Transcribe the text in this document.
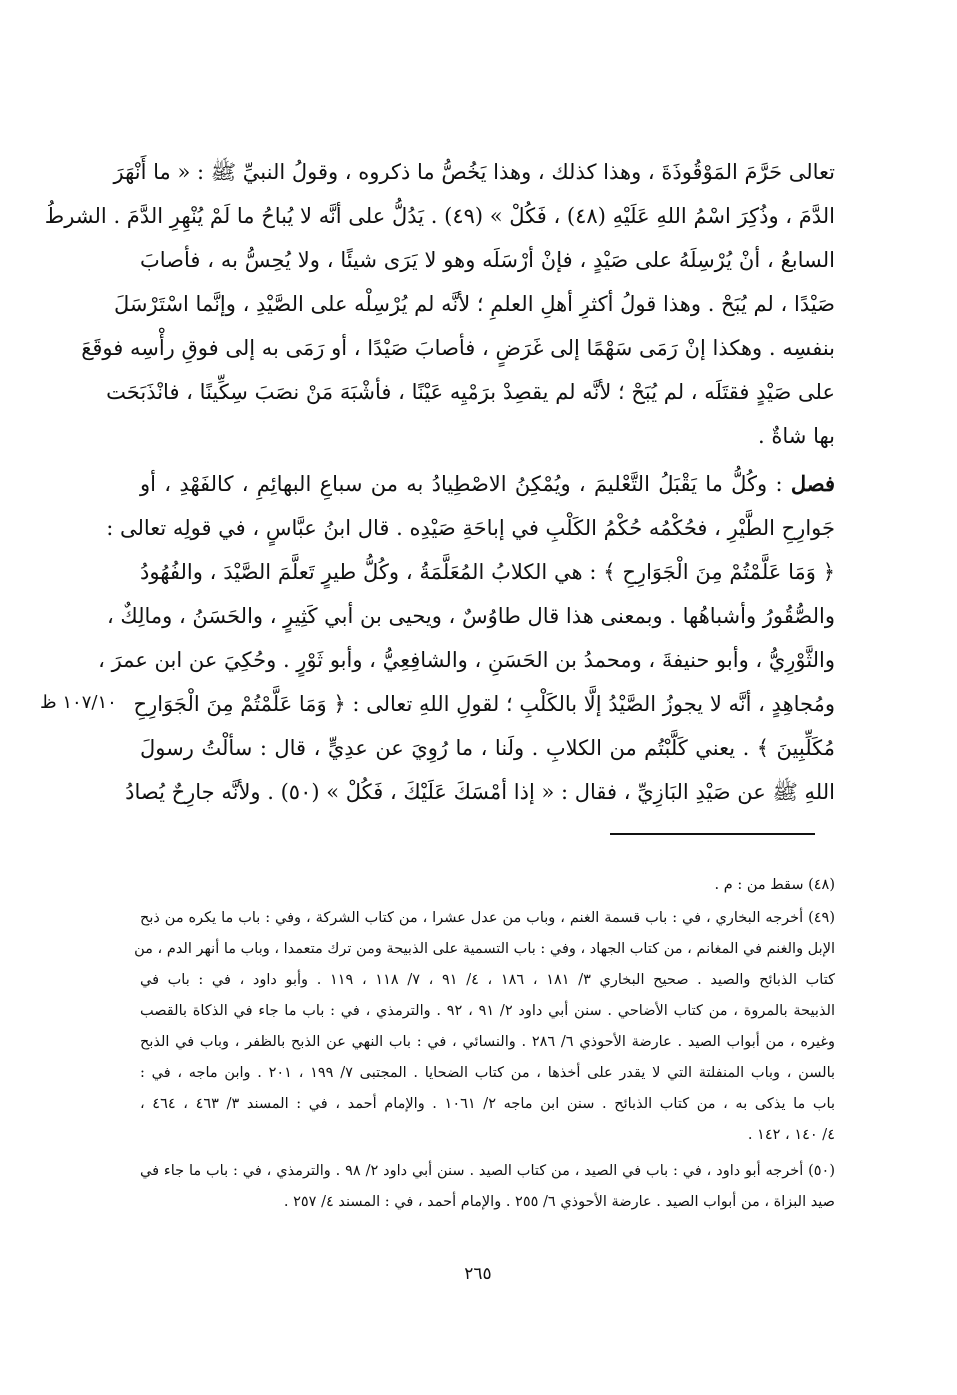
تعالى حَرَّمَ المَوْقُوذَةَ ، وهذا كذلك ، وهذا يَخُصُّ ما ذكروه ، وقولُ النبيِّ ﷺ : « ما أَنْهَرَ
الدَّمَ ، وذُكِرَ اسْمُ اللهِ عَلَيْهِ (٤٨) ، فَكُلْ » (٤٩) . يَدُلُّ على أنَّه لا يُباحُ ما لَمْ يُنْهِرِ الدَّمَ . الشرطُ
السابعُ ، أنْ يُرْسِلَهُ على صَيْدٍ ، فإنْ أرْسَلَه وهو لا يَرَى شيئًا ، ولا يُحِسُّ به ، فأصابَ
صَيْدًا ، لم يُبَحْ . وهذا قولُ أكثرِ أهلِ العلمِ ؛ لأنَّه لم يُرْسِلْه على الصَّيْدِ ، وإنَّما اسْتَرْسَلَ
بنفسِه . وهكذا إنْ رَمَى سَهْمًا إلى غَرَضٍ ، فأصابَ صَيْدًا ، أو رَمَى به إلى فوقِ رأْسِه فوقَعَ
على صَيْدٍ فقتَلَه ، لم يُبَحْ ؛ لأنَّه لم يقصِدْ برَمْيِه عَيْنًا ، فأشْبَهَ مَنْ نصَبَ سِكِّينًا ، فانْذَبَحَت
بها شاةٌ .
فصل : وكُلُّ ما يَقْبَلُ التَّعْليمَ ، ويُمْكِنُ الاصْطِيادُ به من سباعِ البهائِمِ ، كالفَهْدِ ، أو
جَوارِحِ الطَّيْرِ ، فحُكْمُه حُكْمُ الكَلْبِ في إباحَةِ صَيْدِه . قال ابنُ عبَّاسٍ ، في قولِه تعالى :
﴿ وَمَا عَلَّمْتُمْ مِنَ الْجَوَارِحِ ﴾ : هي الكلابُ المُعَلَّمَةُ ، وكُلُّ طيرٍ تَعلَّمَ الصَّيْدَ ، والفُهُودُ
والصُّقُورُ وأشباهُها . وبمعنى هذا قال طاوُسٌ ، ويحيى بن أبي كَثِيرٍ ، والحَسَنُ ، ومالِكٌ ،
والثَّوْرِيُّ ، وأبو حنيفةَ ، ومحمدُ بن الحَسَنِ ، والشافِعِيُّ ، وأبو ثَوْرٍ . وحُكِيَ عن ابن عمرَ ،
ومُجاهِدٍ ، أنَّه لا يجوزُ الصَّيْدُ إلَّا بالكَلْبِ ؛ لقولِ اللهِ تعالى : ﴿ وَمَا عَلَّمْتُمْ مِنَ الْجَوَارِحِ
مُكَلِّبِينَ ﴾ . يعني كَلَّبْتُم من الكلابِ . ولَنا ، ما رُوِيَ عن عدِيٍّ ، قال : سألْتُ رسولَ
اللهِ ﷺ عن صَيْدِ البَازِيِّ ، فقال : « إذا أمْسَكَ عَلَيْكَ ، فَكُلْ » (٥٠) . ولأنَّه جارِحٌ يُصادُ
١٠٧/١٠ ظ
(٤٨) سقط من : م .
(٤٩) أخرجه البخاري ، في : باب قسمة الغنم ، وباب من عدل عشرا ، من كتاب الشركة ، وفي : باب ما يكره من ذبح
الإبل والغنم في المغانم ، من كتاب الجهاد ، وفي : باب التسمية على الذبيحة ومن ترك متعمدا ، وباب ما أنهر الدم ، من
كتاب الذبائح والصيد . صحيح البخاري ٣/ ١٨١ ، ١٨٦ ، ٤/ ٩١ ، ٧/ ١١٨ ، ١١٩ . وأبو داود ، في : باب في
الذبيحة بالمروة ، من كتاب الأضاحي . سنن أبي داود ٢/ ٩١ ، ٩٢ . والترمذي ، في : باب ما جاء في الذكاة بالقصب
وغيره ، من أبواب الصيد . عارضة الأحوذي ٦/ ٢٨٦ . والنسائي ، في : باب النهي عن الذبح بالظفر ، وباب في الذبح
بالسن ، وباب المنفلتة التي لا يقدر على أخذها ، من كتاب الضحايا . المجتبى ٧/ ١٩٩ ، ٢٠١ . وابن ماجه ، في :
باب ما يذكى به ، من كتاب الذبائح . سنن ابن ماجه ٢/ ١٠٦١ . والإمام أحمد ، في : المسند ٣/ ٤٦٣ ، ٤٦٤ ،
٤/ ١٤٠ ، ١٤٢ .
(٥٠) أخرجه أبو داود ، في : باب في الصيد ، من كتاب الصيد . سنن أبي داود ٢/ ٩٨ . والترمذي ، في : باب ما جاء في
صيد البزاة ، من أبواب الصيد . عارضة الأحوذي ٦/ ٢٥٥ . والإمام أحمد ، في : المسند ٤/ ٢٥٧ .
٢٦٥
